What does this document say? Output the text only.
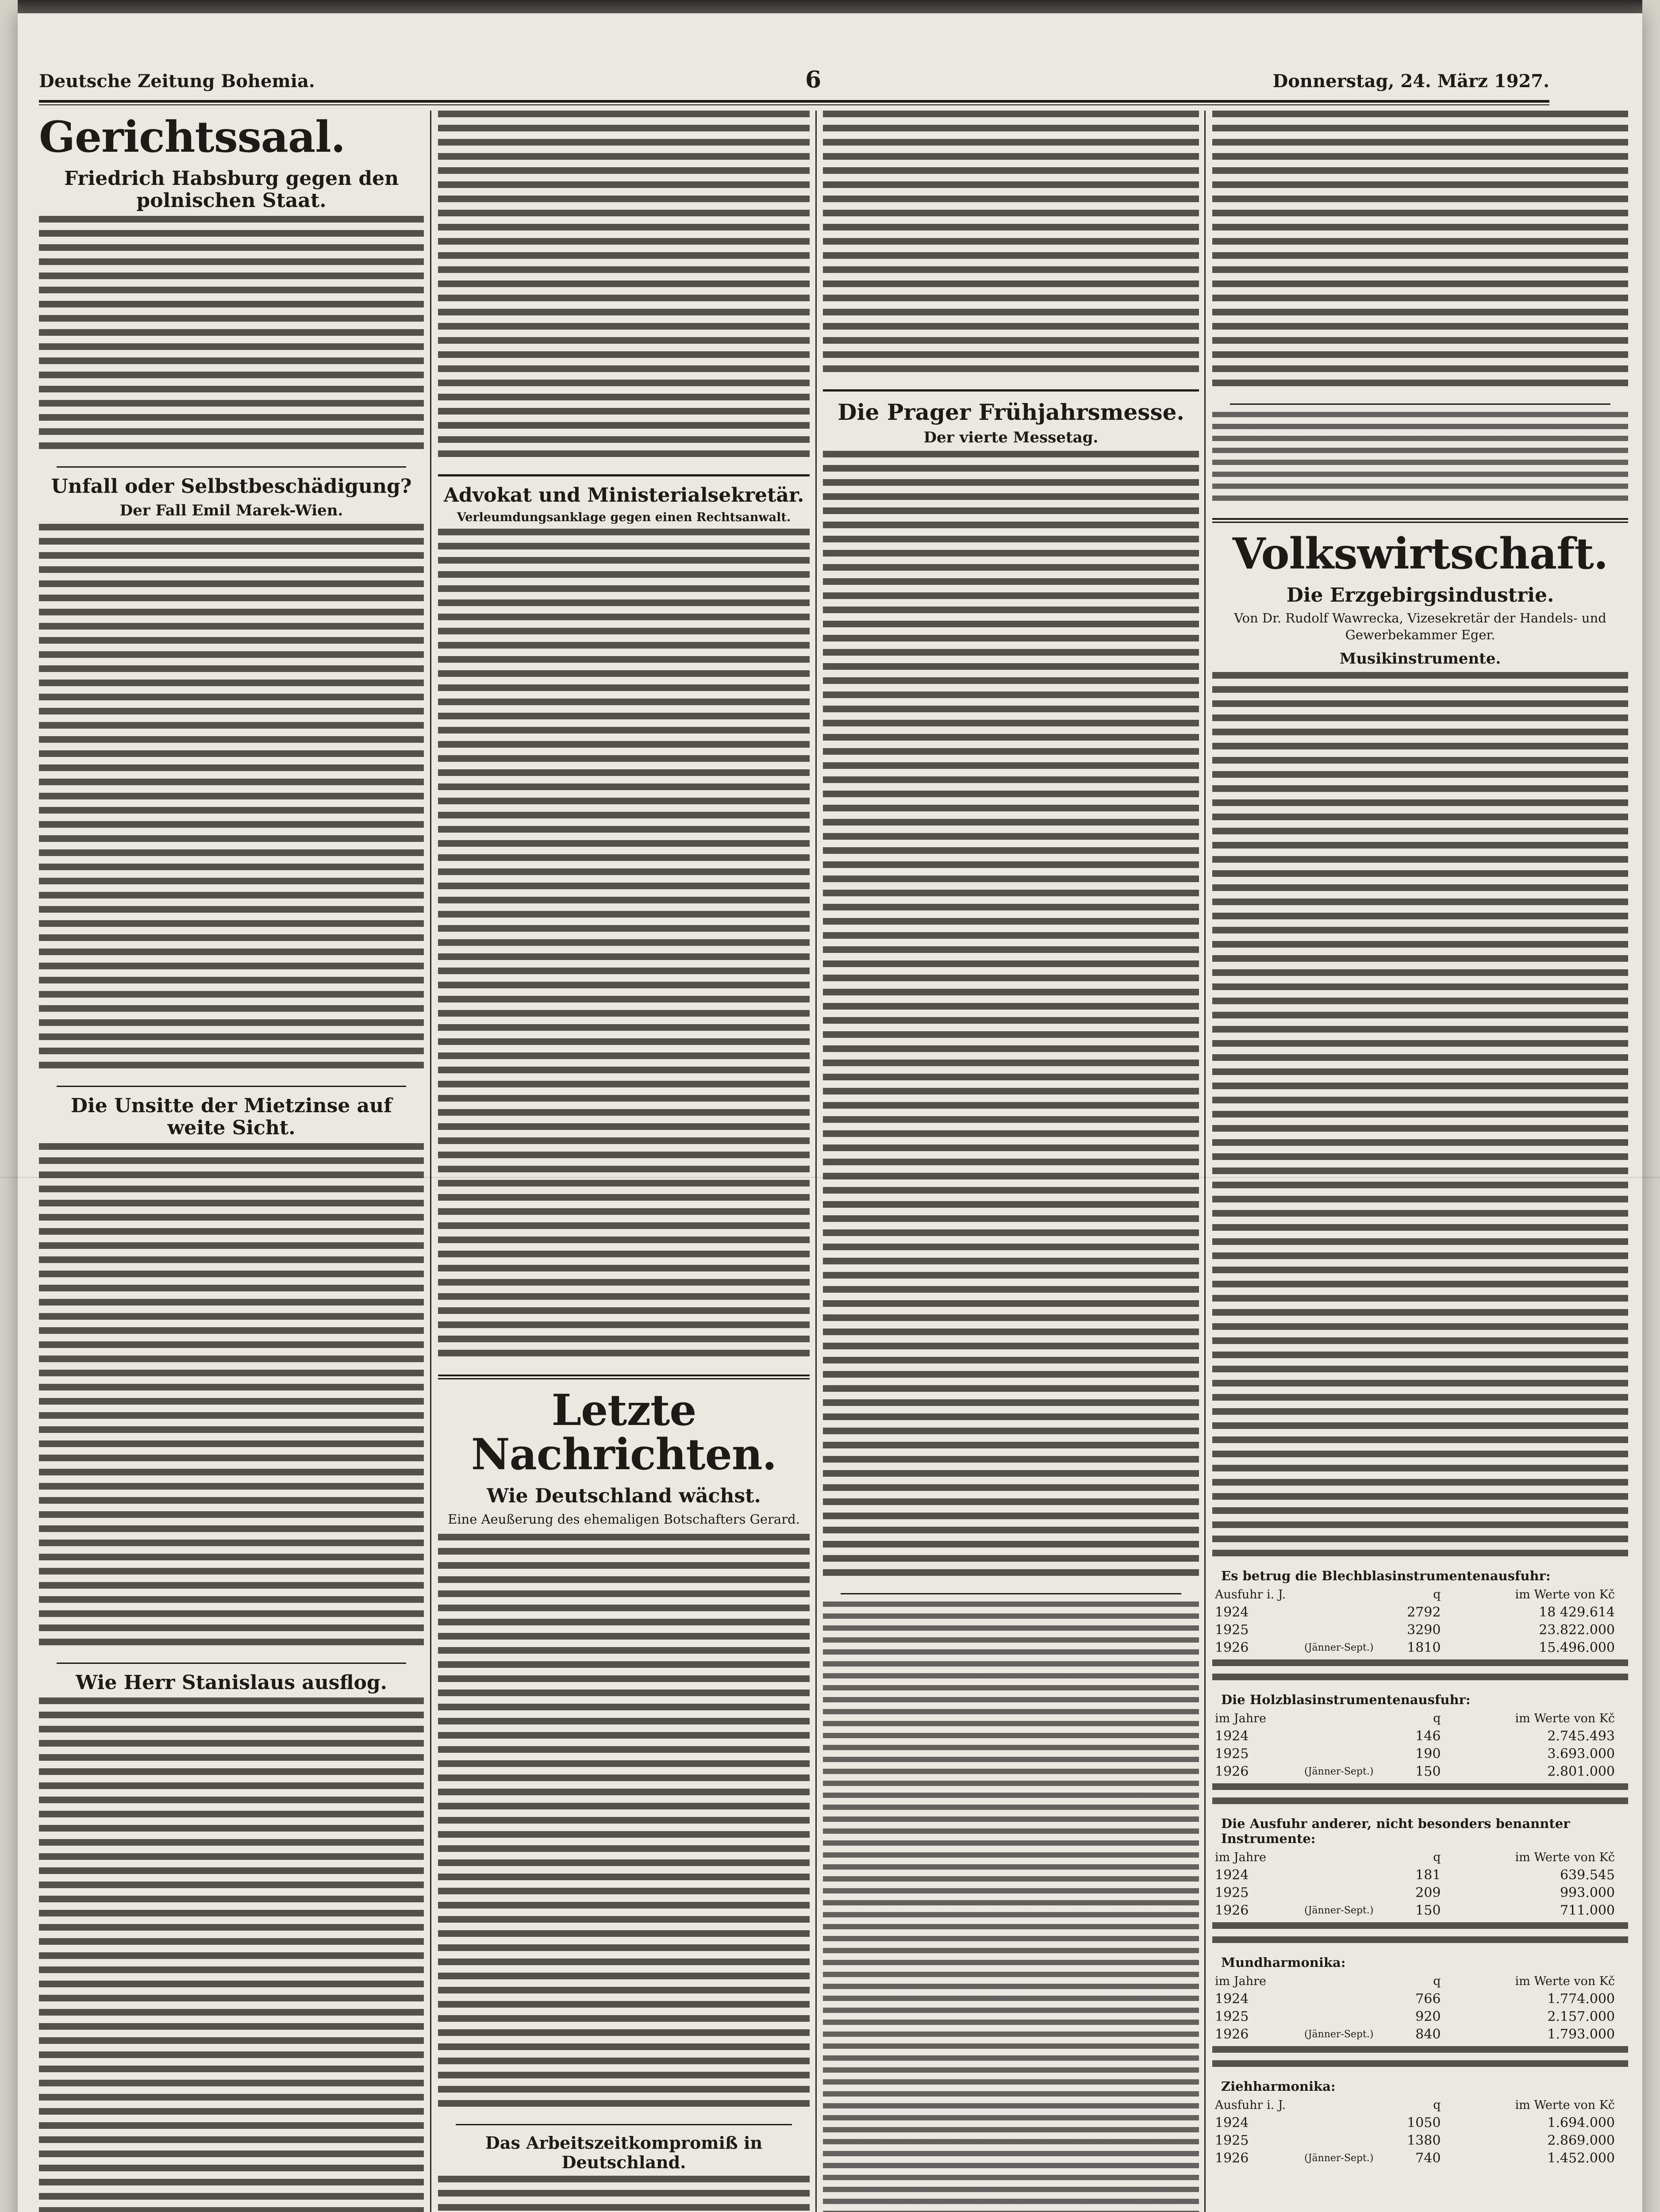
Deutsche Zeitung Bohemia.	6	Donnerstag, 24. März 1927.
Gerichtssaal.
Friedrich Habsburg gegen den polnischen Staat.
Unfall oder Selbstbeschädigung?
Der Fall Emil Marek-Wien.
Die Unsitte der Mietzinse auf weite Sicht.
Wie Herr Stanislaus ausflog.
Advokat und Ministerialsekretär.
Verleumdungsanklage gegen einen Rechtsanwalt.
Letzte Nachrichten.
Wie Deutschland wächst.
Eine Aeußerung des ehemaligen Botschafters Gerard.
Das Arbeitszeitkompromiß in Deutschland.
Die Prager Frühjahrsmesse.
Der vierte Messetag.
Volkswirtschaft.
Die Erzgebirgsindustrie.
Von Dr. Rudolf Wawrecka, Vizesekretär der Handels- und Gewerbekammer Eger.
Musikinstrumente.
Es betrug die Blechblasinstrumentenausfuhr:
Ausfuhr i. J.		q	im Werte von Kč
1924		2792	18 429.614
1925		3290	23.822.000
1926	(Jänner-Sept.)	1810	15.496.000
Die Holzblasinstrumentenausfuhr:
im Jahre		q	im Werte von Kč
1924		146	2.745.493
1925		190	3.693.000
1926	(Jänner-Sept.)	150	2.801.000
Die Ausfuhr anderer, nicht besonders benannter Instrumente:
im Jahre		q	im Werte von Kč
1924		181	639.545
1925		209	993.000
1926	(Jänner-Sept.)	150	711.000
Mundharmonika:
im Jahre		q	im Werte von Kč
1924		766	1.774.000
1925		920	2.157.000
1926	(Jänner-Sept.)	840	1.793.000
Ziehharmonika:
Ausfuhr i. J.		q	im Werte von Kč
1924		1050	1.694.000
1925		1380	2.869.000
1926	(Jänner-Sept.)	740	1.452.000
